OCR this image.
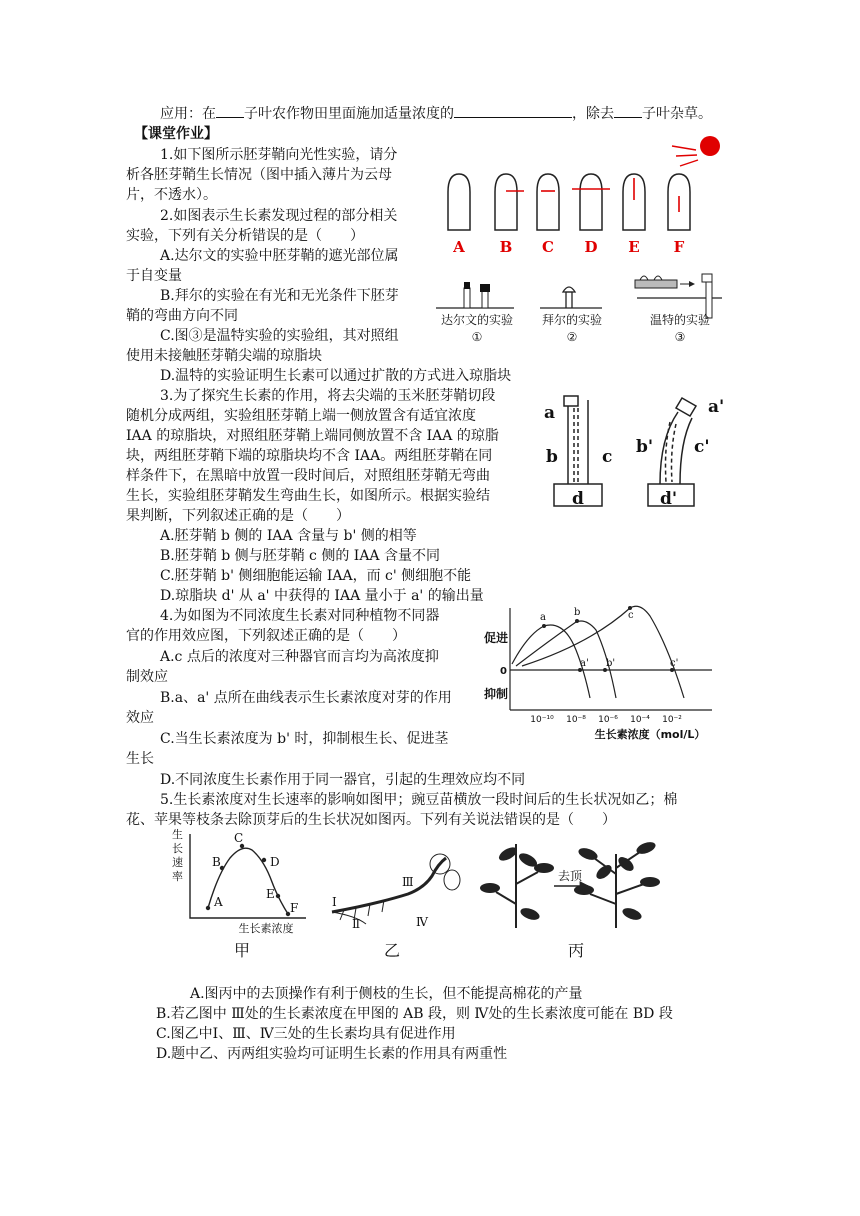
应用：在 子叶农作物田里面施加适量浓度的	，除去 子叶杂草。
【课堂作业】
1.如下图所示胚芽鞘向光性实验，请分
析各胚芽鞘生长情况（图中插入薄片为云母
片，不透水）。
2.如图表示生长素发现过程的部分相关
实验，下列有关分析错误的是（　　）
A.达尔文的实验中胚芽鞘的遮光部位属
于自变量
B.拜尔的实验在有光和无光条件下胚芽
鞘的弯曲方向不同
C.图③是温特实验的实验组，其对照组
使用未接触胚芽鞘尖端的琼脂块
D.温特的实验证明生长素可以通过扩散的方式进入琼脂块
3.为了探究生长素的作用，将去尖端的玉米胚芽鞘切段
随机分成两组，实验组胚芽鞘上端一侧放置含有适宜浓度
IAA 的琼脂块，对照组胚芽鞘上端同侧放置不含 IAA 的琼脂
块，两组胚芽鞘下端的琼脂块均不含 IAA。两组胚芽鞘在同
样条件下，在黑暗中放置一段时间后，对照组胚芽鞘无弯曲
生长，实验组胚芽鞘发生弯曲生长，如图所示。根据实验结
果判断，下列叙述正确的是（　　）
A.胚芽鞘 b 侧的 IAA 含量与 b' 侧的相等
B.胚芽鞘 b 侧与胚芽鞘 c 侧的 IAA 含量不同
C.胚芽鞘 b' 侧细胞能运输 IAA，而 c' 侧细胞不能
D.琼脂块 d' 从 a' 中获得的 IAA 量小于 a' 的输出量
4.为如图为不同浓度生长素对同种植物不同器
官的作用效应图，下列叙述正确的是（　　）
A.c 点后的浓度对三种器官而言均为高浓度抑
制效应
B.a、a' 点所在曲线表示生长素浓度对芽的作用
效应
C.当生长素浓度为 b' 时，抑制根生长、促进茎
生长
D.不同浓度生长素作用于同一器官，引起的生理效应均不同
5.生长素浓度对生长速率的影响如图甲；豌豆苗横放一段时间后的生长状况如乙；棉
花、苹果等枝条去除顶芽后的生长状况如图丙。下列有关说法错误的是（　　）
A.图丙中的去顶操作有利于侧枝的生长，但不能提高棉花的产量
B.若乙图中 Ⅲ处的生长素浓度在甲图的 AB 段，则 Ⅳ处的生长素浓度可能在 BD 段
C.图乙中Ⅰ、Ⅲ、Ⅳ三处的生长素均具有促进作用
D.题中乙、丙两组实验均可证明生长素的作用具有两重性
A B C D E F
达尔文的实验 拜尔的实验	温特的实验
①	②	③
a
b	c
d
a'
b' c'
d'
a	b	c
a' b'	c'
促进
抑制
0
10⁻¹⁰ 10⁻⁸ 10⁻⁶ 10⁻⁴ 10⁻²
生长素浓度（mol/L）
生
长
速
率
A
B
C
D
E
F
生长素浓度
甲
Ⅰ
Ⅱ
Ⅲ
Ⅳ
乙
去顶
丙
